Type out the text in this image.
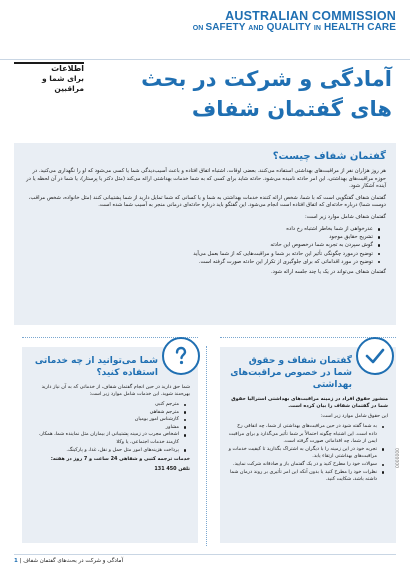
AUSTRALIAN COMMISSION
ON SAFETY AND QUALITY IN HEALTH CARE
اطلاعات
برای شما و
مراقبین	آمادگی و شرکت در بحث
های گفتمان شفاف
گفتمان شفاف چیست؟

هر روز هزاران نفر از مراقبت‌های بهداشتی استفاده می‌کنند. بعضی اوقات، اشتباه اتفاق افتاده و باعث آسیب‌دیدگی شما یا کسی می‌شود که او را نگهداری می‌کنید. در حوزه مراقبت‌های بهداشتی، این امر حادثه نامیده می‌شود. حادثه شاید برای کسی که به شما خدمات بهداشتی ارائه می‌کند (مثل دکتر یا پرستار)، یا شما در آن لحظه یا در آینده آشکار شود.

گفتمان شفاف گفتگویی است که با شما، شخص ارائه کننده خدمات بهداشتی به شما و یا کسانی که شما تمایل دارید از شما پشتیبانی کنند (مثل خانواده، شخص مراقب، دوست شما) درباره حادثه‌ای که اتفاق افتاده است انجام می‌شود. این گفتگو باید درباره حادثه‌ای درمانی منجر به آسیب شما شده است.

گفتمان شفاف شامل موارد زیر است:

عذرخواهی از شما بخاطر اشتباه رخ داده
تشریح حقایق موجود
گوش سپردن به تجربه شما درخصوص این حادثه
توضیح درمورد چگونگی تأثیر این حادثه بر شما و مراقبت‌هایی که از شما بعمل می‌آید
توضیح در مورد اقداماتی که برای جلوگیری از تکرار این حادثه صورت گرفته است.

گفتمان شفاف می‌تواند در یک یا چند جلسه ارائه شود.

گفتمان شفاف و حقوق شما در خصوص مراقبت‌های بهداشتی

منشور حقوق افراد در زمینه مراقبت‌های بهداشتی استرالیا حقوق شما در گفتمان شفاف را بیان کرده است.

این حقوق شامل موارد زیر است:

به شما گفته شود در حین مراقبت‌های بهداشتی از شما، چه اتفاقی رخ داده است. این اشتباه چگونه احتمالاً بر شما تأثیر می‌گذارد و برای مراقبت ایمن از شما، چه اقداماتی صورت گرفته است.
تجربه خود در این زمینه را با دیگران به اشتراک بگذارید تا کیفیت خدمات و مراقبت‌های بهداشتی ارتقاء یابد.
سوالات خود را مطرح کنید و در یک گفتمان باز و صادقانه شرکت نمایید.
نظرات خود را مطرح کنید یا بدون آنکه این امر تأثیری بر روند درمان شما داشته باشد، شکایت کنید.
شما می‌توانید از چه خدماتی استفاده کنید؟

شما حق دارید در حین انجام گفتمان شفاف، از خدماتی که به آن نیاز دارید بهره‌مند شوید. این خدمات شامل موارد زیر است:

مترجم کتبی
مترجم شفاهی
کارشناس امور بومیان
مشاور
اشخاص مجرب در زمینه پشتیبانی از بیماران مثل نماینده شما، همکار، کارمند خدمات اجتماعی، یا وکلا
پرداخت هزینه‌های امور مثل حمل و نقل، غذا، و پارکینگ.

خدمات ترجمه کتبی و شفاهی 24 ساعت و 7 روز در هفته:

تلفن 450 131

0000000
آمادگی و شرکت در بحث‌های گفتمان شفاف | 1
